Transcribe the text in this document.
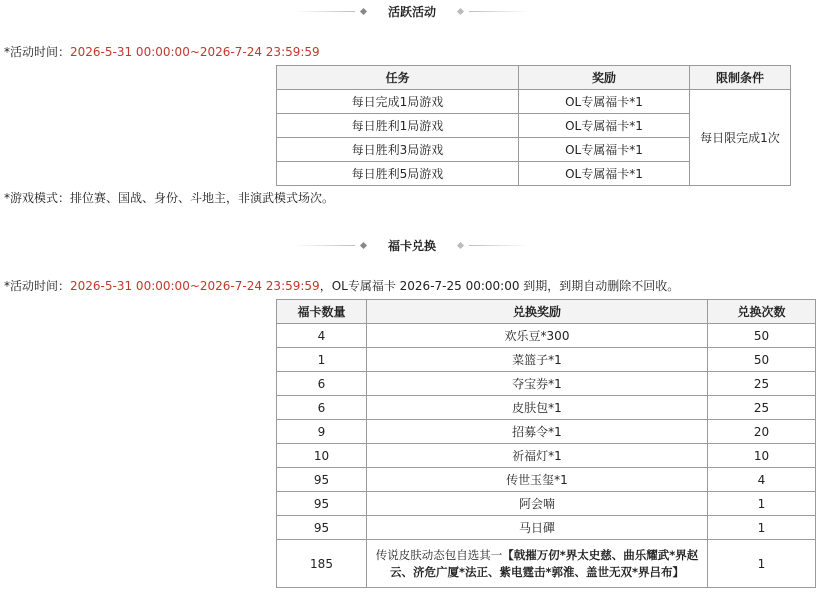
活跃活动
*活动时间：2026-5-31 00:00:00~2026-7-24 23:59:59
任务	奖励	限制条件
每日完成1局游戏	OL专属福卡*1	每日限完成1次
每日胜利1局游戏	OL专属福卡*1	
每日胜利3局游戏	OL专属福卡*1	
每日胜利5局游戏	OL专属福卡*1	
*游戏模式：排位赛、国战、身份、斗地主，非演武模式场次。
福卡兑换
*活动时间：2026-5-31 00:00:00~2026-7-24 23:59:59，OL专属福卡 2026-7-25 00:00:00 到期，到期自动删除不回收。
福卡数量	兑换奖励	兑换次数
4	欢乐豆*300	50
1	菜篮子*1	50
6	夺宝券*1	25
6	皮肤包*1	25
9	招募令*1	20
10	祈福灯*1	10
95	传世玉玺*1	4
95	阿会喃	1
95	马日磾	1
185	传说皮肤动态包自选其一【戟摧万仞*界太史慈、曲乐耀武*界赵云、济危广厦*法正、紫电霆击*郭淮、盖世无双*界吕布】	1
